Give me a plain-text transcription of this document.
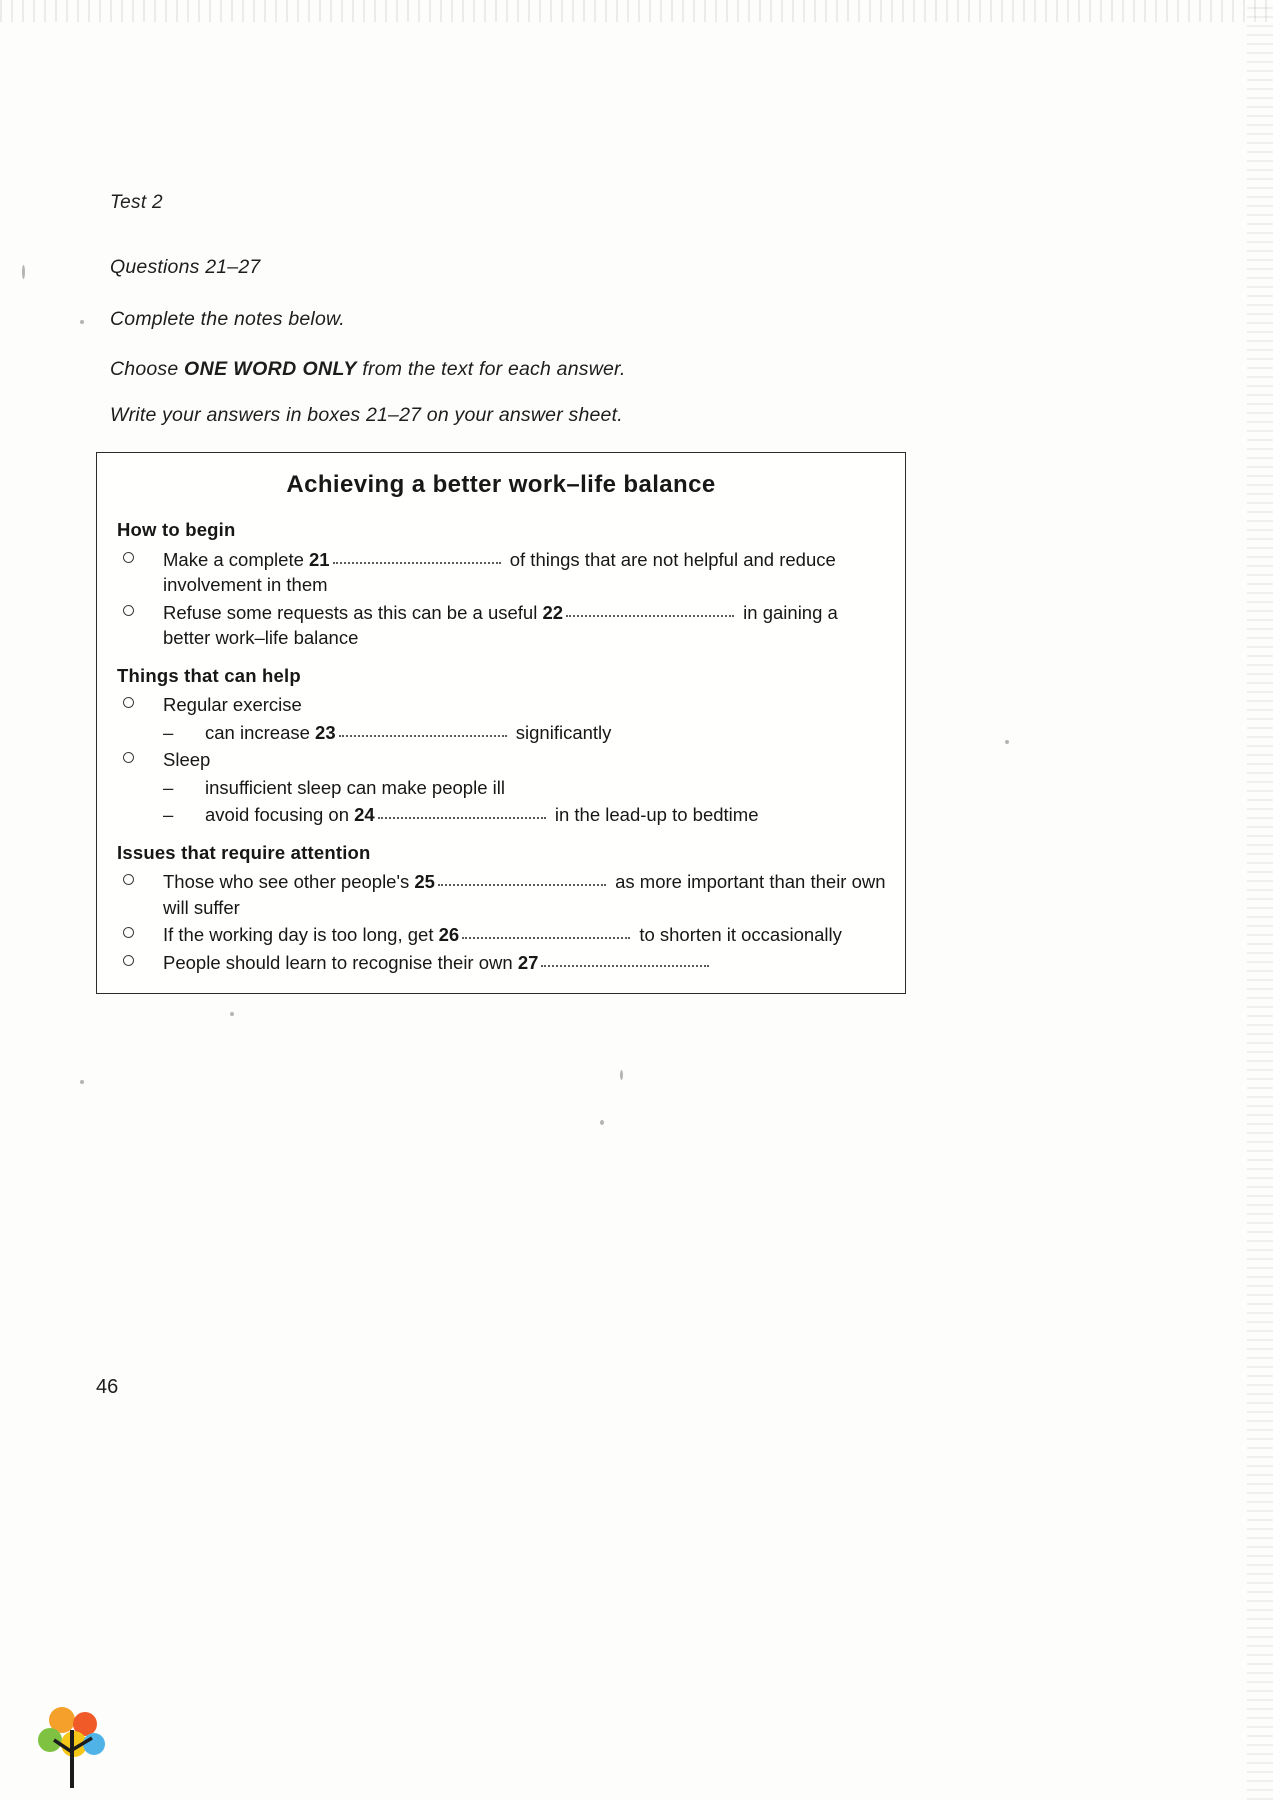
Test 2
Questions 21–27
Complete the notes below.
Choose ONE WORD ONLY from the text for each answer.
Write your answers in boxes 21–27 on your answer sheet.
Achieving a better work–life balance
How to begin
Make a complete 21	of things that are not helpful and reduce involvement in them
Refuse some requests as this can be a useful 22	in gaining a better work–life balance
Things that can help
Regular exercise
–	can increase 23	significantly
Sleep
–	insufficient sleep can make people ill
–	avoid focusing on 24	in the lead-up to bedtime
Issues that require attention
Those who see other people's 25	as more important than their own will suffer
If the working day is too long, get 26	to shorten it occasionally
People should learn to recognise their own 27
46
